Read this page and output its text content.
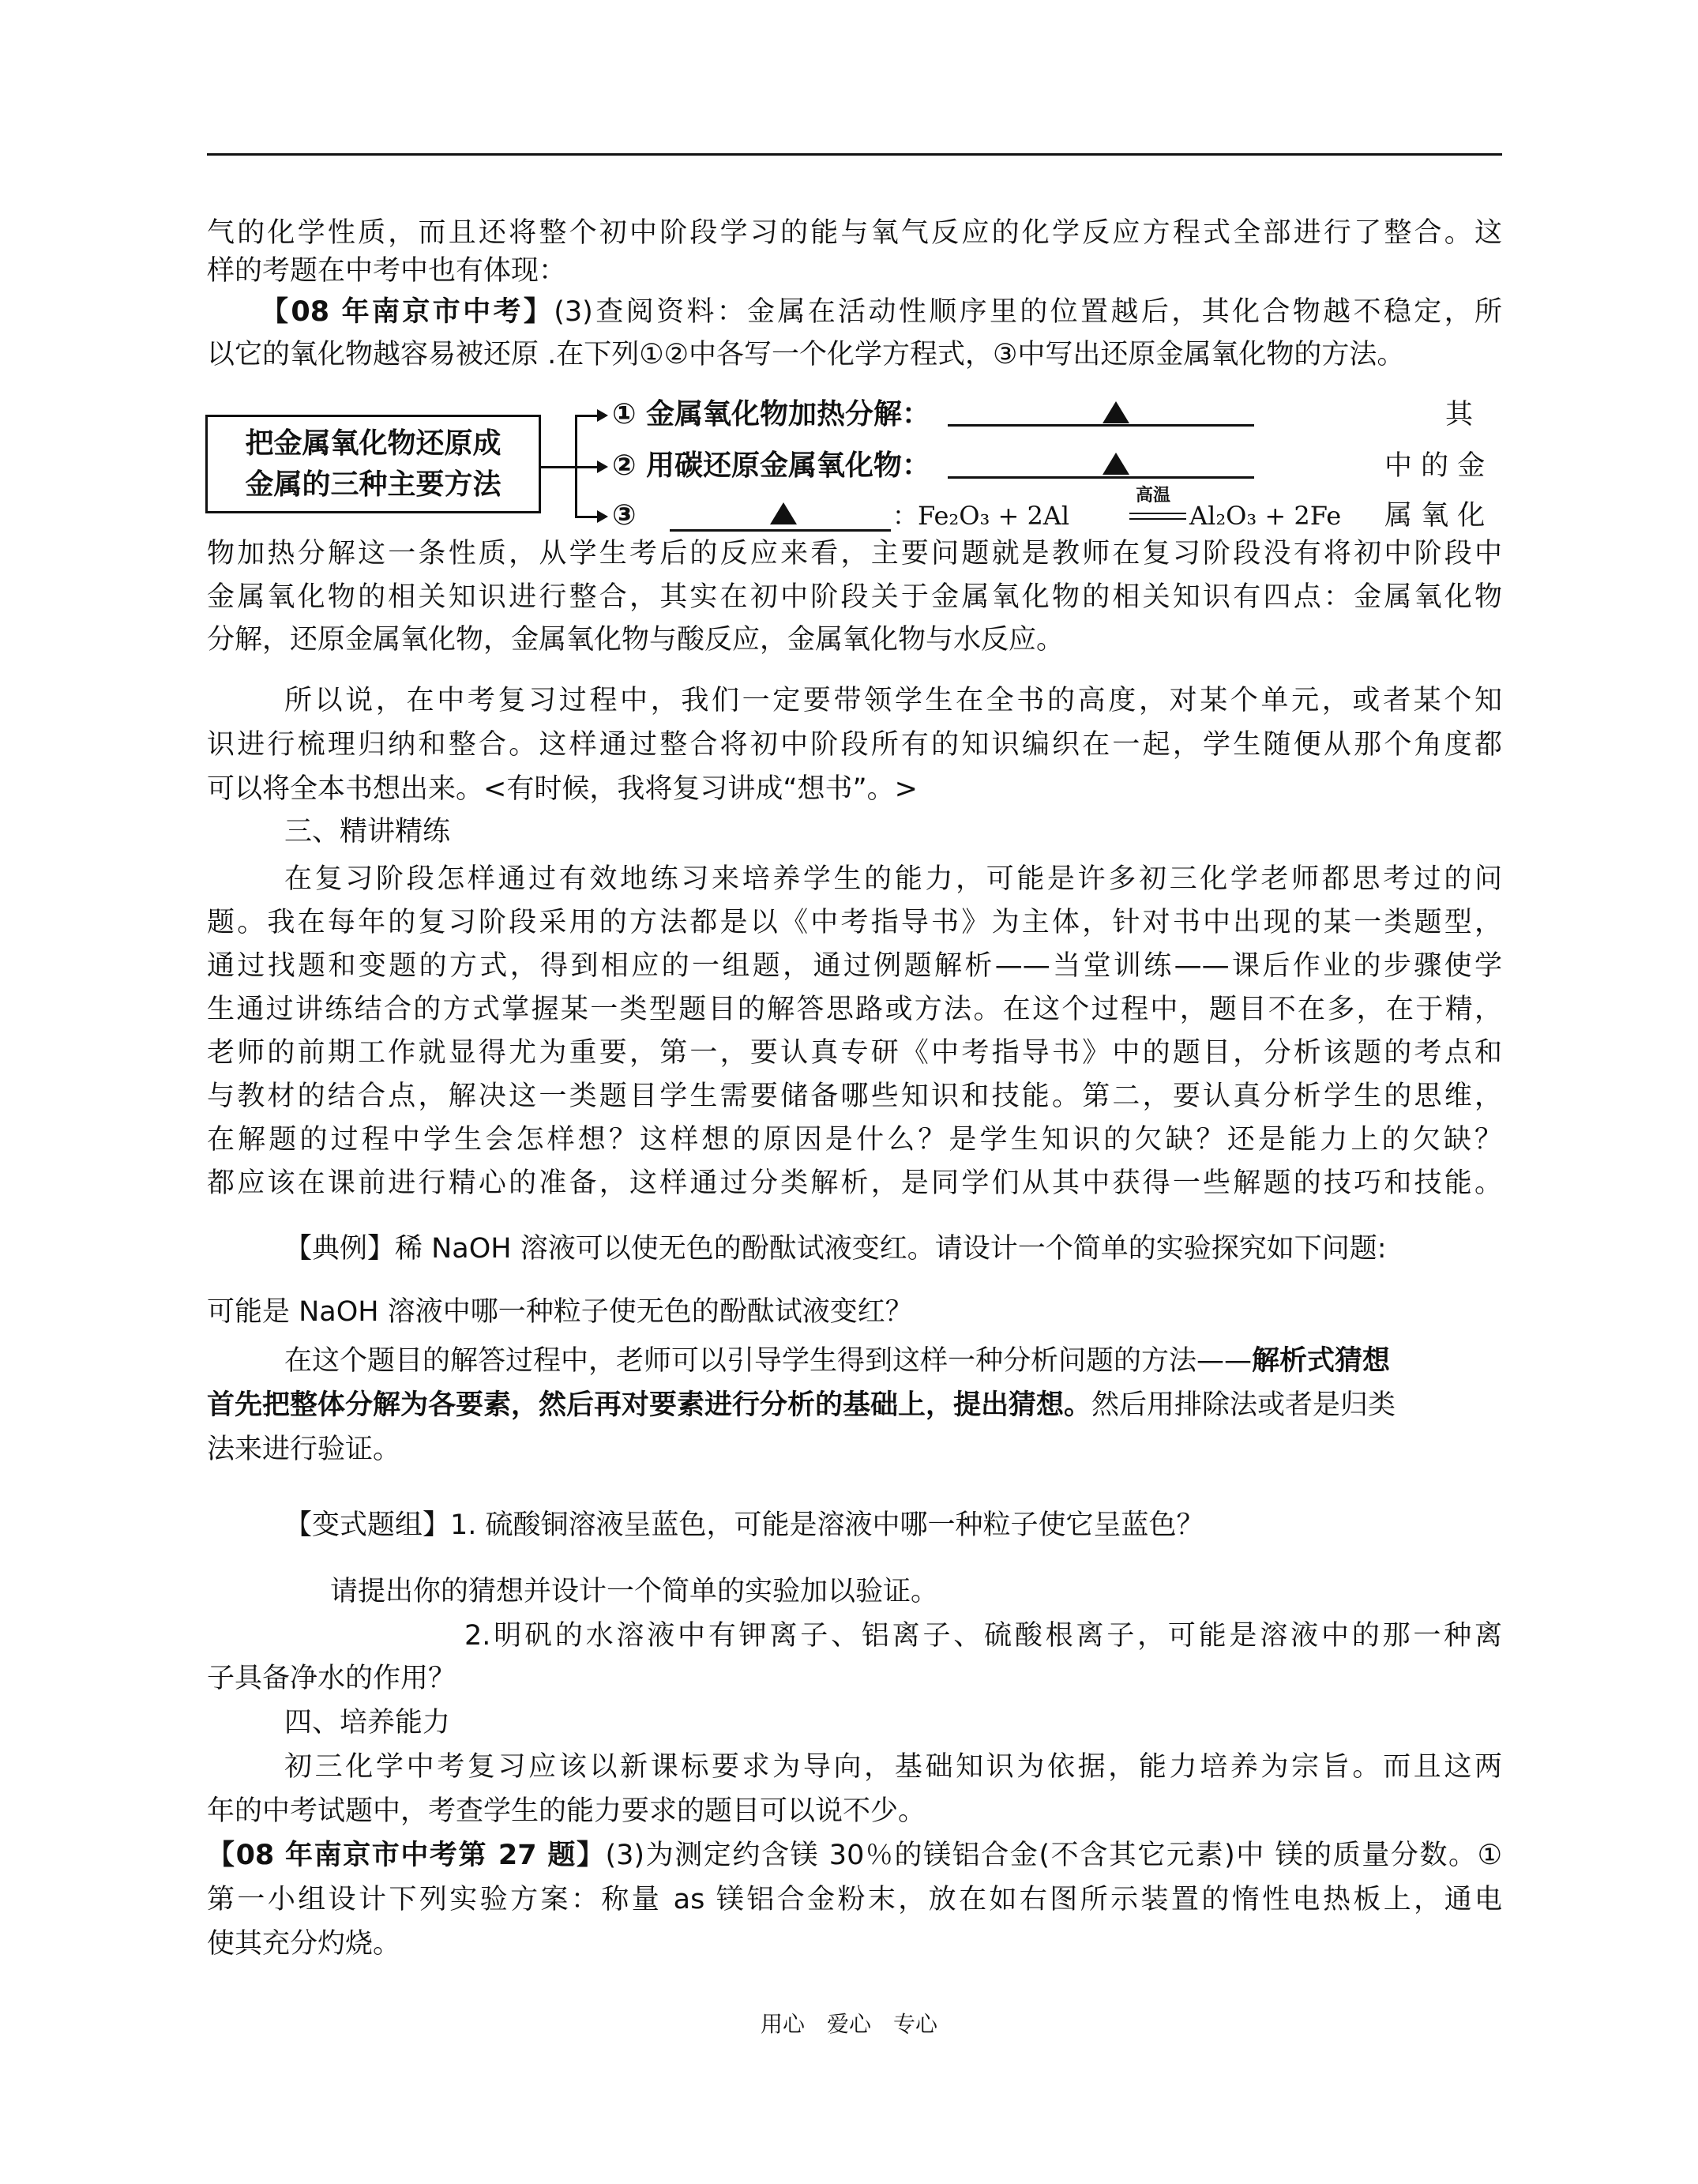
气的化学性质，而且还将整个初中阶段学习的能与氧气反应的化学反应方程式全部进行了整合。这
样的考题在中考中也有体现：
【08 年南京市中考】(3)查阅资料：金属在活动性顺序里的位置越后，其化合物越不稳定，所
以它的氧化物越容易被还原 .在下列①②中各写一个化学方程式，③中写出还原金属氧化物的方法。
把金属氧化物还原成
金属的三种主要方法
① 金属氧化物加热分解：
② 用碳还原金属氧化物：
③	：Fe₂O₃ + 2Al
高温
Al₂O₃ + 2Fe
其
中 的 金
属 氧 化
物加热分解这一条性质，从学生考后的反应来看，主要问题就是教师在复习阶段没有将初中阶段中
金属氧化物的相关知识进行整合，其实在初中阶段关于金属氧化物的相关知识有四点：金属氧化物
分解，还原金属氧化物，金属氧化物与酸反应，金属氧化物与水反应。
所以说，在中考复习过程中，我们一定要带领学生在全书的高度，对某个单元，或者某个知
识进行梳理归纳和整合。这样通过整合将初中阶段所有的知识编织在一起，学生随便从那个角度都
可以将全本书想出来。<有时候，我将复习讲成“想书”。>
三、精讲精练
在复习阶段怎样通过有效地练习来培养学生的能力，可能是许多初三化学老师都思考过的问
题。我在每年的复习阶段采用的方法都是以《中考指导书》为主体，针对书中出现的某一类题型，
通过找题和变题的方式，得到相应的一组题，通过例题解析——当堂训练——课后作业的步骤使学
生通过讲练结合的方式掌握某一类型题目的解答思路或方法。在这个过程中，题目不在多，在于精，
老师的前期工作就显得尤为重要，第一，要认真专研《中考指导书》中的题目，分析该题的考点和
与教材的结合点，解决这一类题目学生需要储备哪些知识和技能。第二，要认真分析学生的思维，
在解题的过程中学生会怎样想？这样想的原因是什么？是学生知识的欠缺？还是能力上的欠缺？
都应该在课前进行精心的准备，这样通过分类解析，是同学们从其中获得一些解题的技巧和技能。
【典例】稀 NaOH 溶液可以使无色的酚酞试液变红。请设计一个简单的实验探究如下问题:
可能是 NaOH 溶液中哪一种粒子使无色的酚酞试液变红？
在这个题目的解答过程中，老师可以引导学生得到这样一种分析问题的方法——解析式猜想
首先把整体分解为各要素，然后再对要素进行分析的基础上，提出猜想。然后用排除法或者是归类
法来进行验证。
【变式题组】1. 硫酸铜溶液呈蓝色，可能是溶液中哪一种粒子使它呈蓝色？
请提出你的猜想并设计一个简单的实验加以验证。
2.明矾的水溶液中有钾离子、铝离子、硫酸根离子，可能是溶液中的那一种离
子具备净水的作用？
四、培养能力
初三化学中考复习应该以新课标要求为导向，基础知识为依据，能力培养为宗旨。而且这两
年的中考试题中，考查学生的能力要求的题目可以说不少。
【08 年南京市中考第 27 题】(3)为测定约含镁 30％的镁铝合金(不含其它元素)中 镁的质量分数。①
第一小组设计下列实验方案：称量 as 镁铝合金粉末，放在如右图所示装置的惰性电热板上，通电
使其充分灼烧。
用心　爱心　专心
